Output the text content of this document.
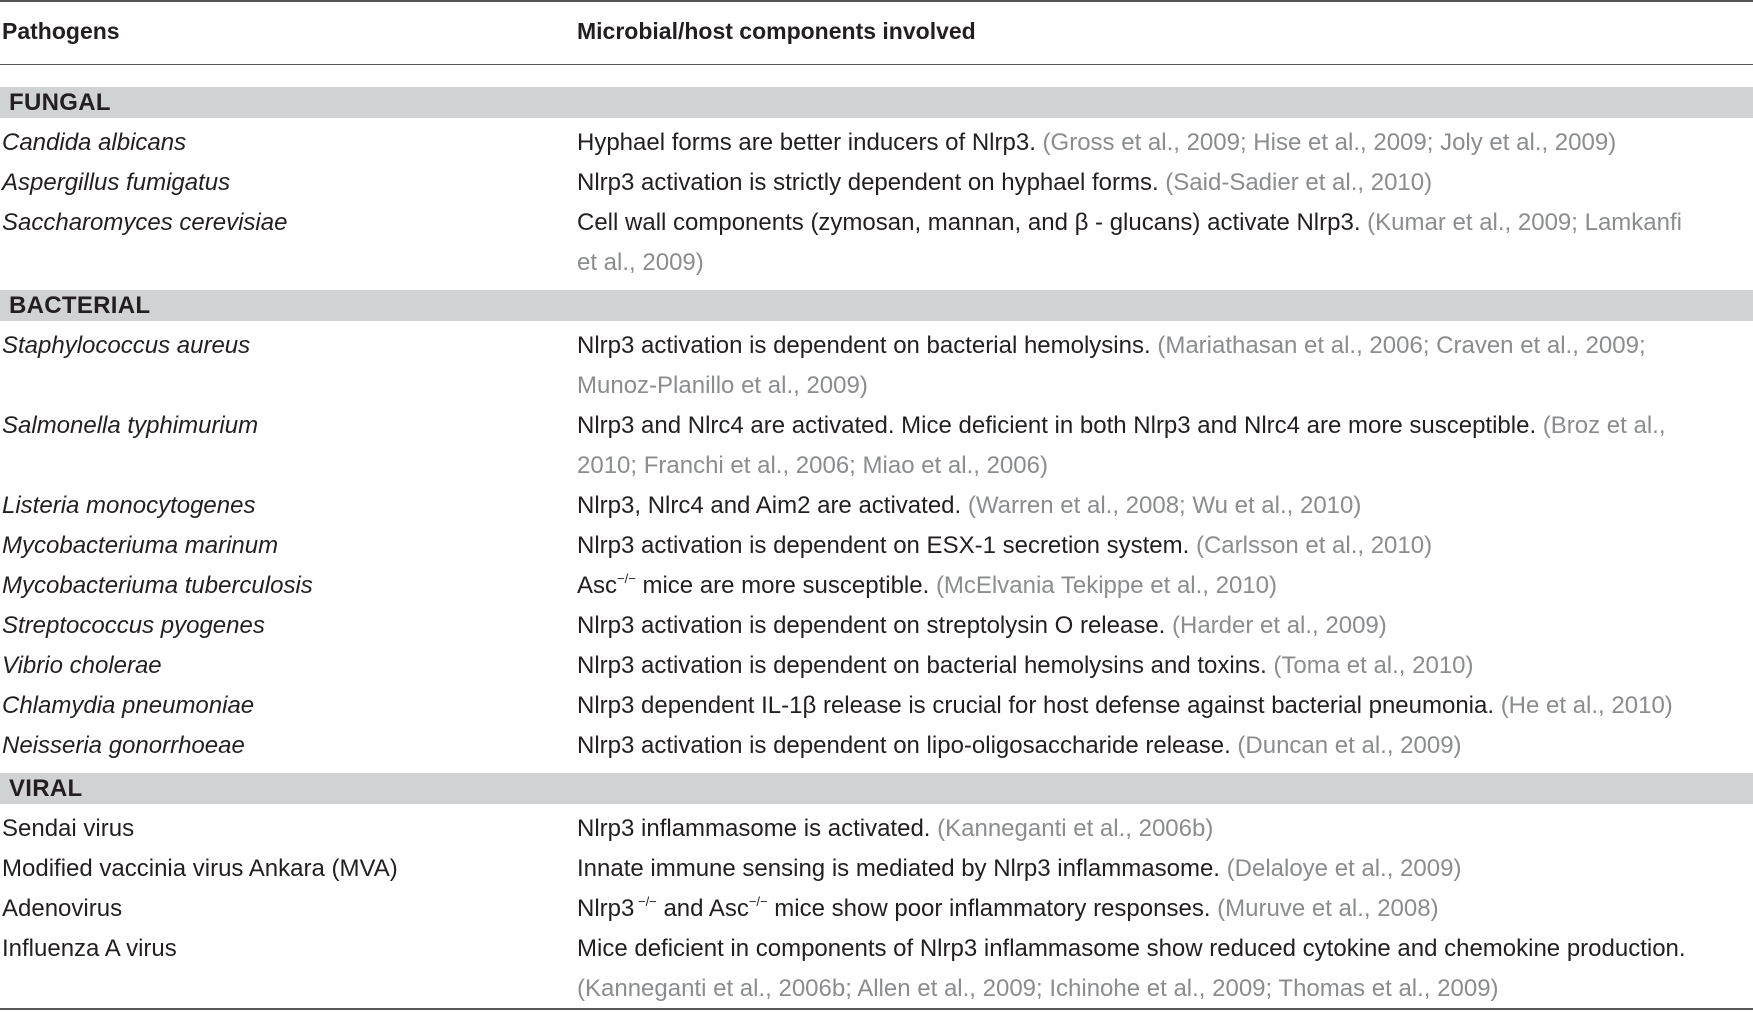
Pathogens	Microbial/host components involved
FUNGAL
Candida albicans	Hyphael forms are better inducers of Nlrp3. (Gross et al., 2009; Hise et al., 2009; Joly et al., 2009)
Aspergillus fumigatus	Nlrp3 activation is strictly dependent on hyphael forms. (Said-Sadier et al., 2010)
Saccharomyces cerevisiae	Cell wall components (zymosan, mannan, and β - glucans) activate Nlrp3. (Kumar et al., 2009; Lamkanfi
et al., 2009)
BACTERIAL
Staphylococcus aureus	Nlrp3 activation is dependent on bacterial hemolysins. (Mariathasan et al., 2006; Craven et al., 2009;
Munoz-Planillo et al., 2009)
Salmonella typhimurium	Nlrp3 and Nlrc4 are activated. Mice deficient in both Nlrp3 and Nlrc4 are more susceptible. (Broz et al.,
2010; Franchi et al., 2006; Miao et al., 2006)
Listeria monocytogenes	Nlrp3, Nlrc4 and Aim2 are activated. (Warren et al., 2008; Wu et al., 2010)
Mycobacteriuma marinum	Nlrp3 activation is dependent on ESX-1 secretion system. (Carlsson et al., 2010)
Mycobacteriuma tuberculosis	Asc−/− mice are more susceptible. (McElvania Tekippe et al., 2010)
Streptococcus pyogenes	Nlrp3 activation is dependent on streptolysin O release. (Harder et al., 2009)
Vibrio cholerae	Nlrp3 activation is dependent on bacterial hemolysins and toxins. (Toma et al., 2010)
Chlamydia pneumoniae	Nlrp3 dependent IL-1β release is crucial for host defense against bacterial pneumonia. (He et al., 2010)
Neisseria gonorrhoeae	Nlrp3 activation is dependent on lipo-oligosaccharide release. (Duncan et al., 2009)
VIRAL
Sendai virus	Nlrp3 inflammasome is activated. (Kanneganti et al., 2006b)
Modified vaccinia virus Ankara (MVA)	Innate immune sensing is mediated by Nlrp3 inflammasome. (Delaloye et al., 2009)
Adenovirus	Nlrp3 −/− and Asc−/− mice show poor inflammatory responses. (Muruve et al., 2008)
Influenza A virus	Mice deficient in components of Nlrp3 inflammasome show reduced cytokine and chemokine production.
(Kanneganti et al., 2006b; Allen et al., 2009; Ichinohe et al., 2009; Thomas et al., 2009)
